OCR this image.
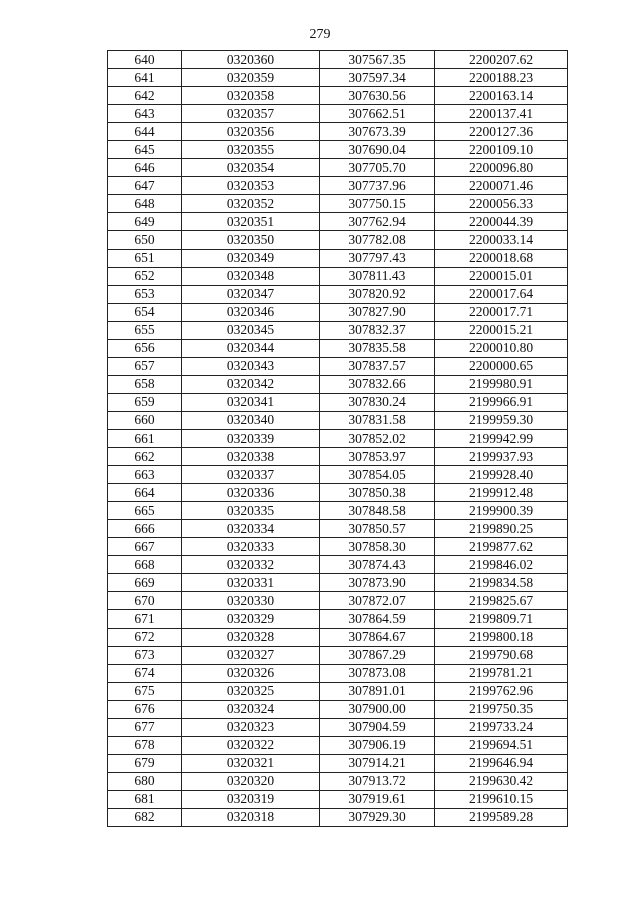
279
640	0320360	307567.35	2200207.62
641	0320359	307597.34	2200188.23
642	0320358	307630.56	2200163.14
643	0320357	307662.51	2200137.41
644	0320356	307673.39	2200127.36
645	0320355	307690.04	2200109.10
646	0320354	307705.70	2200096.80
647	0320353	307737.96	2200071.46
648	0320352	307750.15	2200056.33
649	0320351	307762.94	2200044.39
650	0320350	307782.08	2200033.14
651	0320349	307797.43	2200018.68
652	0320348	307811.43	2200015.01
653	0320347	307820.92	2200017.64
654	0320346	307827.90	2200017.71
655	0320345	307832.37	2200015.21
656	0320344	307835.58	2200010.80
657	0320343	307837.57	2200000.65
658	0320342	307832.66	2199980.91
659	0320341	307830.24	2199966.91
660	0320340	307831.58	2199959.30
661	0320339	307852.02	2199942.99
662	0320338	307853.97	2199937.93
663	0320337	307854.05	2199928.40
664	0320336	307850.38	2199912.48
665	0320335	307848.58	2199900.39
666	0320334	307850.57	2199890.25
667	0320333	307858.30	2199877.62
668	0320332	307874.43	2199846.02
669	0320331	307873.90	2199834.58
670	0320330	307872.07	2199825.67
671	0320329	307864.59	2199809.71
672	0320328	307864.67	2199800.18
673	0320327	307867.29	2199790.68
674	0320326	307873.08	2199781.21
675	0320325	307891.01	2199762.96
676	0320324	307900.00	2199750.35
677	0320323	307904.59	2199733.24
678	0320322	307906.19	2199694.51
679	0320321	307914.21	2199646.94
680	0320320	307913.72	2199630.42
681	0320319	307919.61	2199610.15
682	0320318	307929.30	2199589.28
